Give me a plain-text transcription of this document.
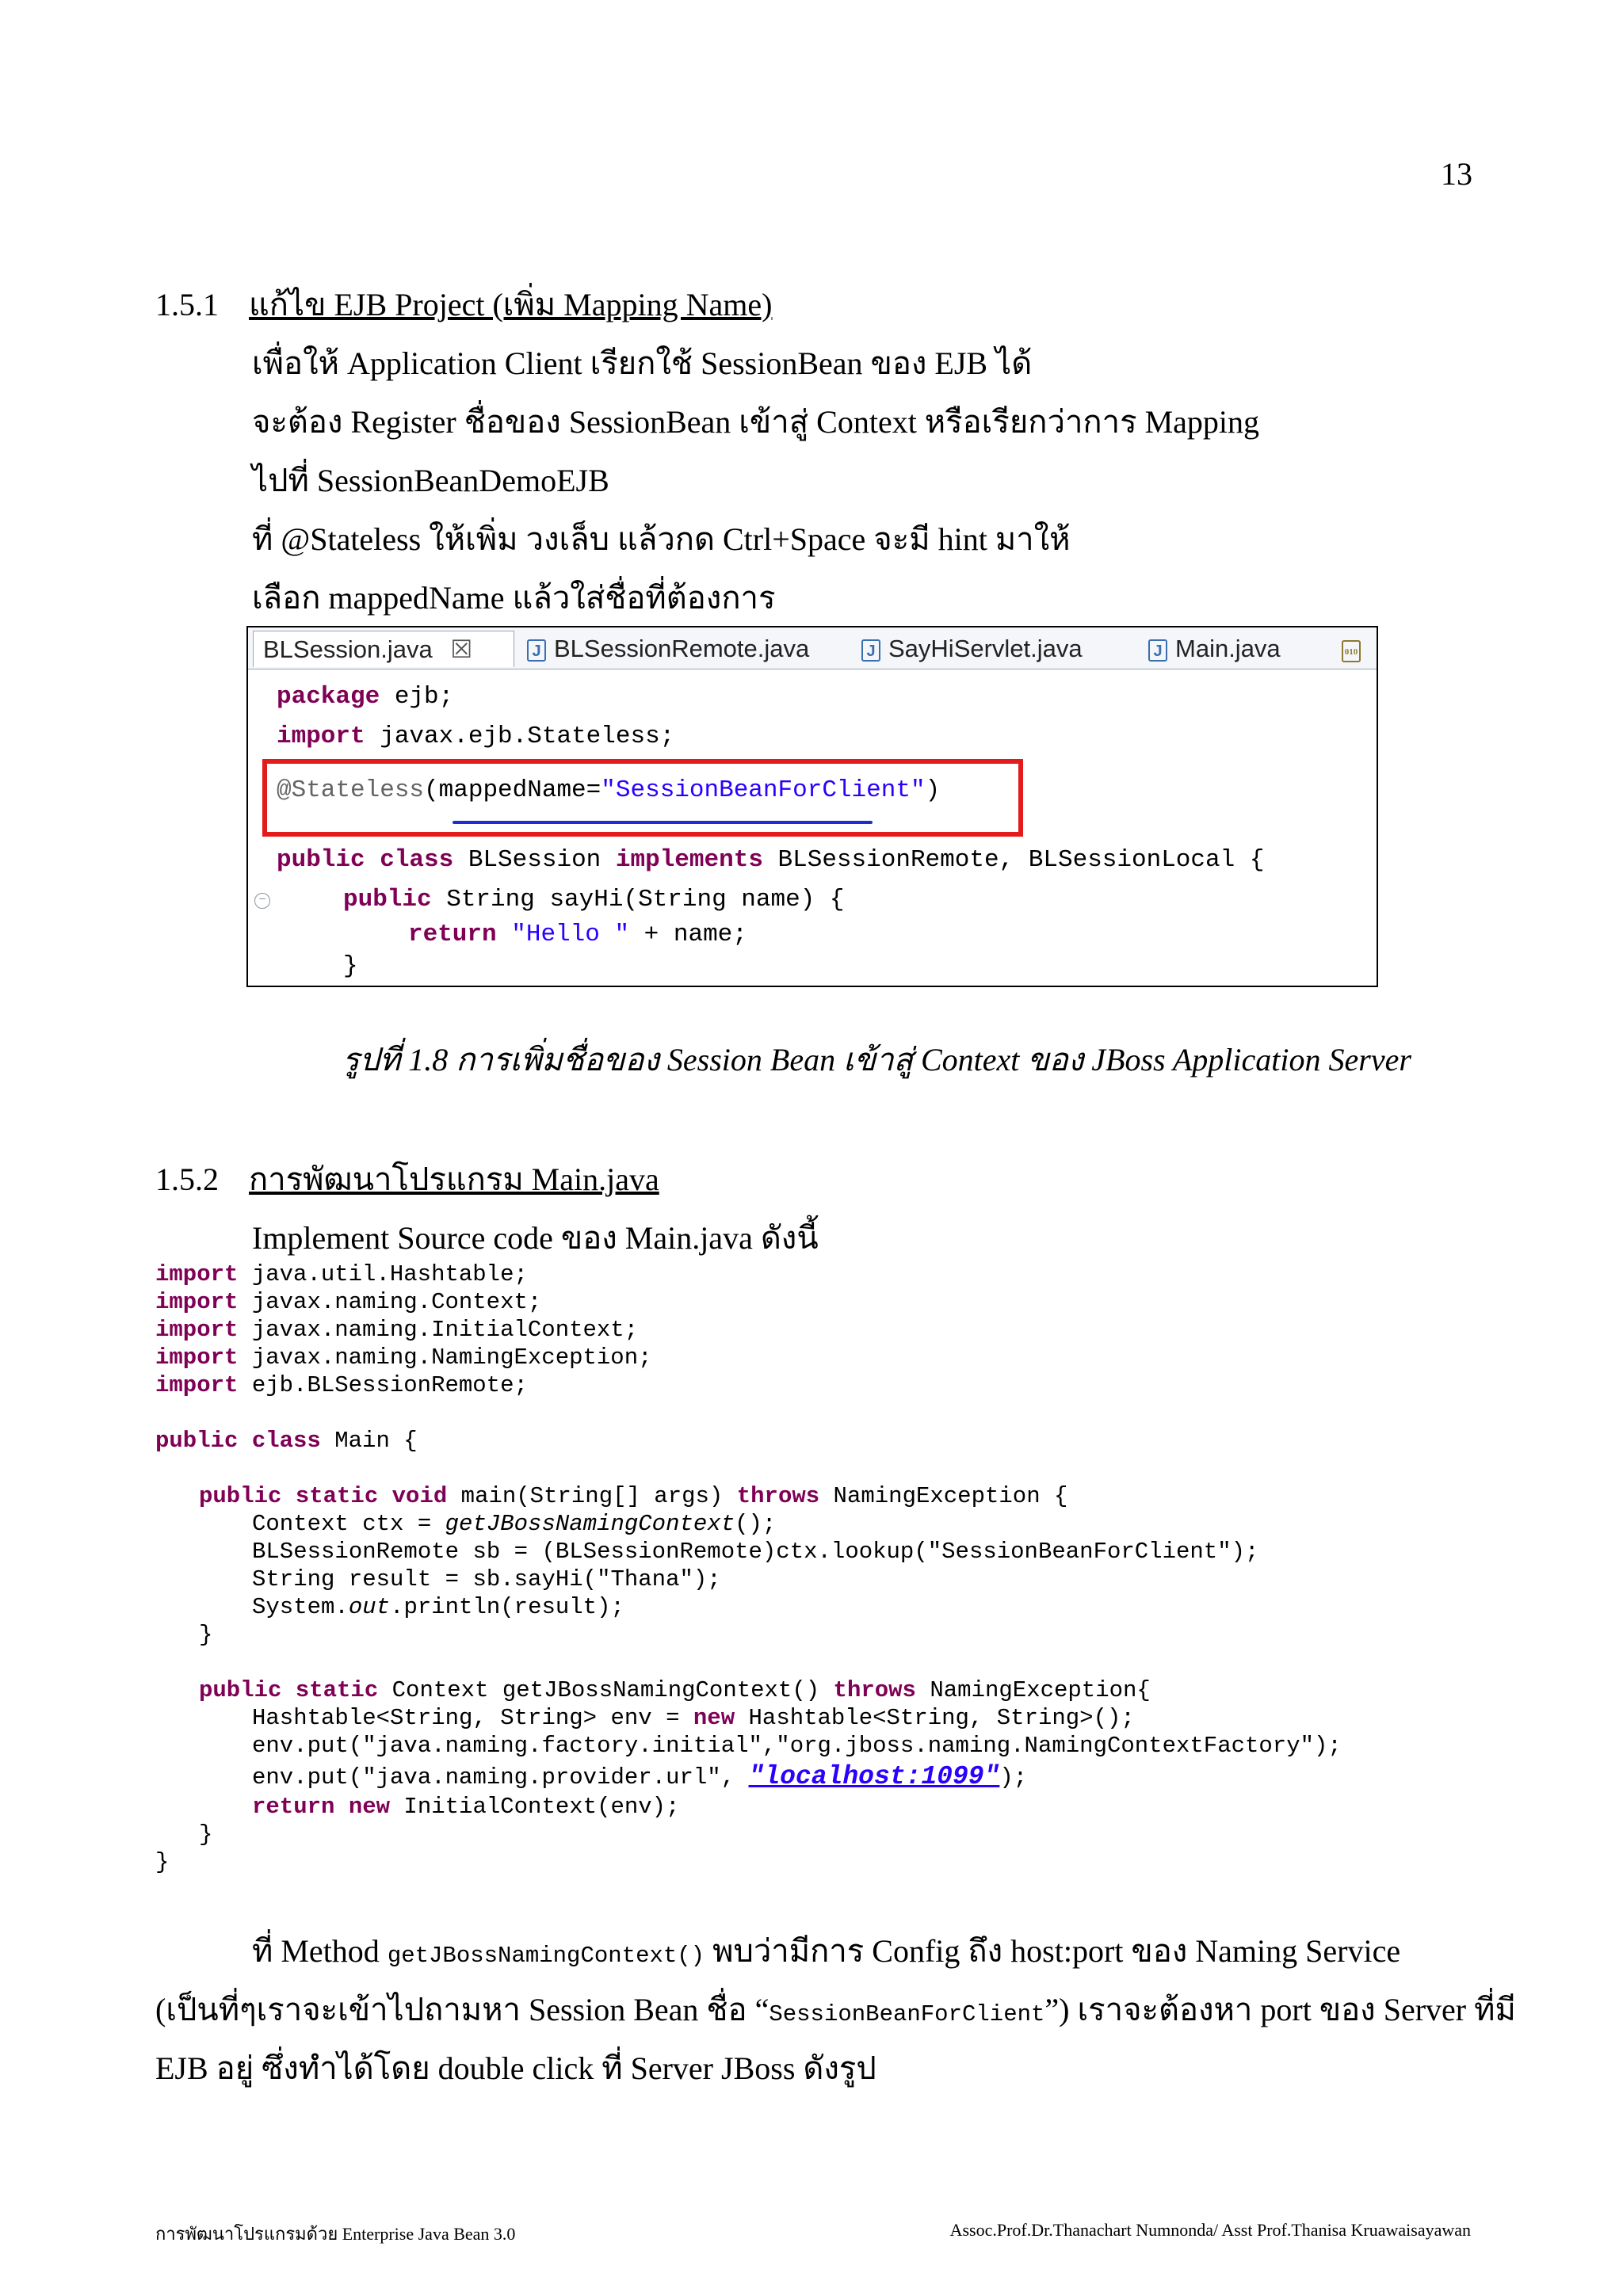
13
1.5.1 แก้ไข EJB Project (เพิ่ม Mapping Name)
เพื่อให้ Application Client เรียกใช้ SessionBean ของ EJB ได้
จะต้อง Register ชื่อของ SessionBean เข้าสู่ Context หรือเรียกว่าการ Mapping
ไปที่ SessionBeanDemoEJB
ที่ @Stateless ให้เพิ่ม วงเล็บ แล้วกด Ctrl+Space จะมี hint มาให้
เลือก mappedName แล้วใส่ชื่อที่ต้องการ
BLSession.java ☒	J BLSessionRemote.java	J SayHiServlet.java	J Main.java	010
package ejb;
import javax.ejb.Stateless;
@Stateless(mappedName="SessionBeanForClient")
public class BLSession implements BLSessionRemote, BLSessionLocal {
−	public String sayHi(String name) {
return "Hello " + name;
}
รูปที่ 1.8 การเพิ่มชื่อของ Session Bean เข้าสู่ Context ของ JBoss Application Server
1.5.2 การพัฒนาโปรแกรม Main.java
Implement Source code ของ Main.java ดังนี้
import java.util.Hashtable;
import javax.naming.Context;
import javax.naming.InitialContext;
import javax.naming.NamingException;
import ejb.BLSessionRemote;
public class Main {
public static void main(String[] args) throws NamingException {
Context ctx = getJBossNamingContext();
BLSessionRemote sb = (BLSessionRemote)ctx.lookup("SessionBeanForClient");
String result = sb.sayHi("Thana");
System.out.println(result);
}
public static Context getJBossNamingContext() throws NamingException{
Hashtable<String, String> env = new Hashtable<String, String>();
env.put("java.naming.factory.initial","org.jboss.naming.NamingContextFactory");
env.put("java.naming.provider.url", "localhost:1099");
return new InitialContext(env);
}
}
ที่ Method getJBossNamingContext() พบว่ามีการ Config ถึง host:port ของ Naming Service
(เป็นที่ๆเราจะเข้าไปถามหา Session Bean ชื่อ “SessionBeanForClient”) เราจะต้องหา port ของ Server ที่มี
EJB อยู่ ซึ่งทำได้โดย double click ที่ Server JBoss ดังรูป
การพัฒนาโปรแกรมด้วย Enterprise Java Bean 3.0	Assoc.Prof.Dr.Thanachart Numnonda/ Asst Prof.Thanisa Kruawaisayawan
